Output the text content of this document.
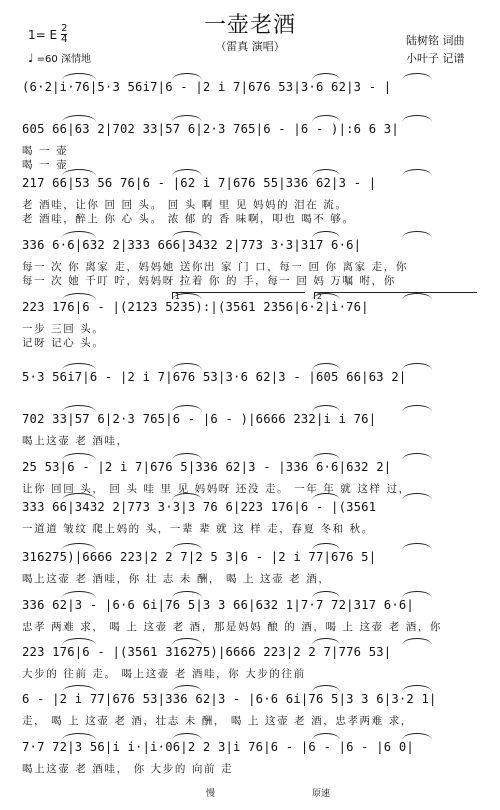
一壶老酒
（雷真 演唱）
1= E $\frac{2}{4}$
♩ =60 深情地
陆树铭 词曲
小叶子 记谱
(6·2|i·76|5·3 56i7|6 - |2 i 7|676 53|3·6 62|3 - |
605 66|63 2|702 33|57 6|2·3 765|6 - |6 - )|:6 6 3|
喝 一 壶
喝 一 壶
217 66|53 56 76|6 - |62 i 7|676 55|336 62|3 - |
老 酒哇，让你 回 回 头。 回 头 啊 里 见 妈妈的 泪在 流。
老 酒哇，醉上 你 心 头。 浓 郁 的 香 味啊，叩也 喝不 够。
336 6·6|632 2|333 666|3432 2|773 3·3|317 6·6|
每一 次 你 离家 走，妈妈她 送你出 家 门 口，每一 回 你 离家 走，你
每一 次 她 千叮 咛，妈妈呀 拉着 你 的 手，每一 回 妈 万嘱 咐，你
223 176|6 - |(2123 5235):|(3561 2356|6·2|i·76|
一步 三回 头。
记呀 记心 头。
1	2
5·3 56i7|6 - |2 i 7|676 53|3·6 62|3 - |605 66|63 2|
702 33|57 6|2·3 765|6 - |6 - )|6666 232|i i 76|
喝上这壶 老 酒哇，
25 53|6 - |2 i 7|676 5|336 62|3 - |336 6·6|632 2|
让你 回回 头， 回 头 哇 里 见 妈妈呀 还没 走。 一年 年 就 这样 过，
333 66|3432 2|773 3·3|3 76 6|223 176|6 - |(3561
一道道 皱纹 爬上妈的 头，一辈 辈 就 这 样 走，春夏 冬和 秋。
316275)|6666 223|2 2 7|2 5 3|6 - |2 i 77|676 5|
喝上这壶 老 酒哇，你 壮 志 未 酬， 喝 上 这壶 老 酒，
336 62|3 - |6·6 6i|76 5|3 3 66|632 1|7·7 72|317 6·6|
忠孝 两难 求， 喝 上 这壶 老 酒，那是妈妈 酿 的 酒，喝 上 这壶 老 酒，你
223 176|6 - |(3561 316275)|6666 223|2 2 7|776 53|
大步的 往前 走。 喝上这壶 老 酒哇，你 大步的往前
6 - |2 i 77|676 53|336 62|3 - |6·6 6i|76 5|3 3 6|3·2 1|
走， 喝 上 这壶 老 酒，壮志 未 酬， 喝 上 这壶 老 酒，忠孝两难 求，
7·7 72|3 56|i i·|i·06|2 2 3|i 76|6 - |6 - |6 - |6 0|
喝上这壶 老 酒哇， 你 大步的 向前 走
慢	原速
